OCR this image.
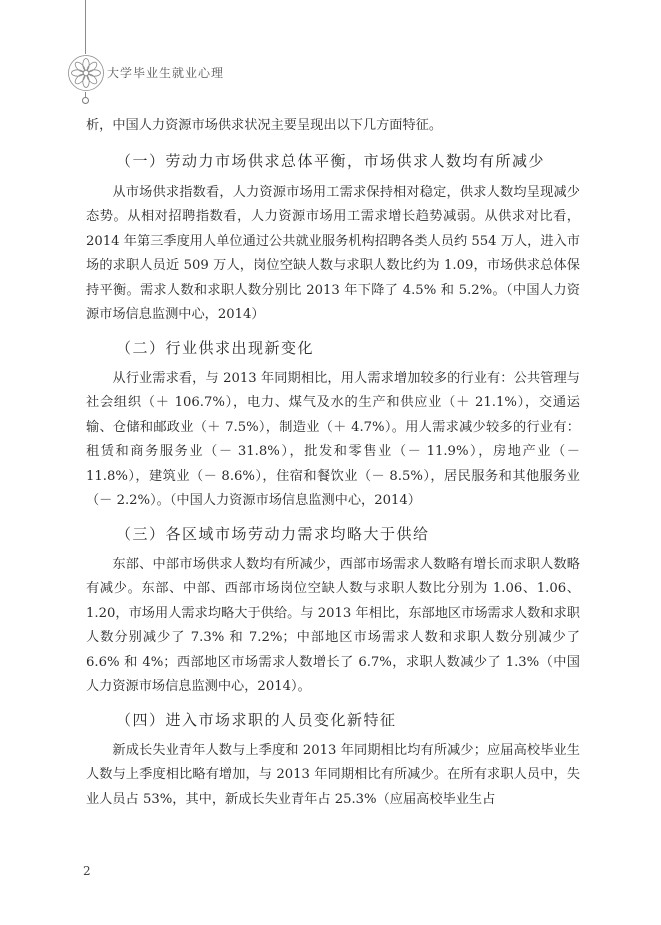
大学毕业生就业心理

析，中国人力资源市场供求状况主要呈现出以下几方面特征。

（一）劳动力市场供求总体平衡，市场供求人数均有所减少

从市场供求指数看，人力资源市场用工需求保持相对稳定，供求人数均呈现减少态势。从相对招聘指数看，人力资源市场用工需求增长趋势减弱。从供求对比看，2014 年第三季度用人单位通过公共就业服务机构招聘各类人员约 554 万人，进入市场的求职人员近 509 万人，岗位空缺人数与求职人数比约为 1.09，市场供求总体保持平衡。需求人数和求职人数分别比 2013 年下降了 4.5% 和 5.2%。（中国人力资源市场信息监测中心，2014）

（二）行业供求出现新变化

从行业需求看，与 2013 年同期相比，用人需求增加较多的行业有：公共管理与社会组织（＋ 106.7%），电力、煤气及水的生产和供应业（＋ 21.1%），交通运输、仓储和邮政业（＋ 7.5%），制造业（＋ 4.7%）。用人需求减少较多的行业有：租赁和商务服务业（－ 31.8%），批发和零售业（－ 11.9%），房地产业（－ 11.8%），建筑业（－ 8.6%），住宿和餐饮业（－ 8.5%），居民服务和其他服务业（－ 2.2%）。（中国人力资源市场信息监测中心，2014）

（三）各区域市场劳动力需求均略大于供给

东部、中部市场供求人数均有所减少，西部市场需求人数略有增长而求职人数略有减少。东部、中部、西部市场岗位空缺人数与求职人数比分别为 1.06、1.06、1.20，市场用人需求均略大于供给。与 2013 年相比，东部地区市场需求人数和求职人数分别减少了 7.3% 和 7.2%；中部地区市场需求人数和求职人数分别减少了 6.6% 和 4%；西部地区市场需求人数增长了 6.7%，求职人数减少了 1.3%（中国人力资源市场信息监测中心，2014）。

（四）进入市场求职的人员变化新特征

新成长失业青年人数与上季度和 2013 年同期相比均有所减少；应届高校毕业生人数与上季度相比略有增加，与 2013 年同期相比有所减少。在所有求职人员中，失业人员占 53%，其中，新成长失业青年占 25.3%（应届高校毕业生占

2
